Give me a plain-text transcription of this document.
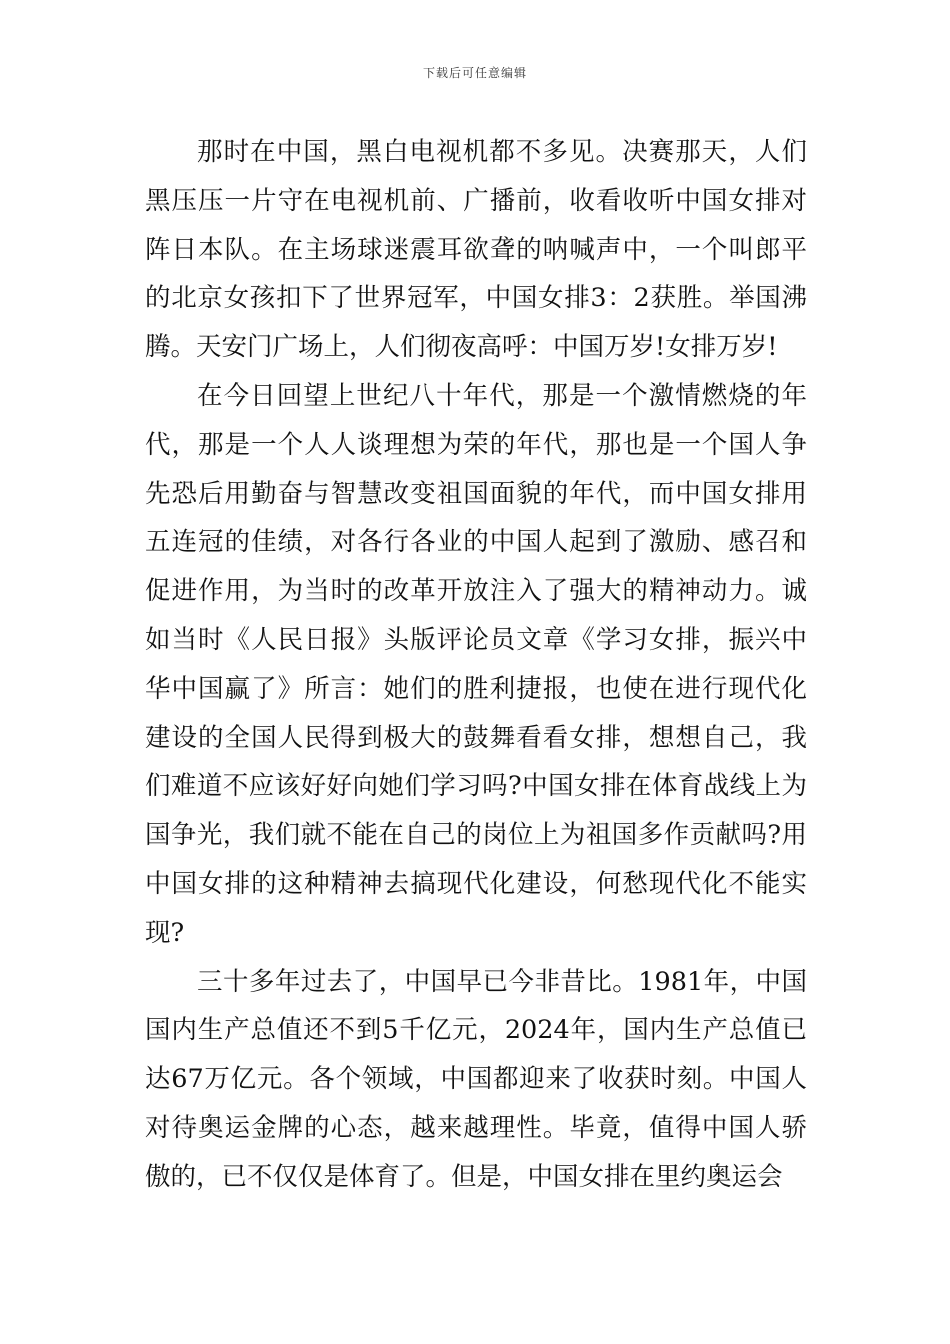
下载后可任意编辑

那时在中国，黑白电视机都不多见。决赛那天，人们黑压压一片守在电视机前、广播前，收看收听中国女排对阵日本队。在主场球迷震耳欲聋的呐喊声中，一个叫郎平的北京女孩扣下了世界冠军，中国女排3：2获胜。举国沸腾。天安门广场上，人们彻夜高呼：中国万岁!女排万岁!

在今日回望上世纪八十年代，那是一个激情燃烧的年代，那是一个人人谈理想为荣的年代，那也是一个国人争先恐后用勤奋与智慧改变祖国面貌的年代，而中国女排用五连冠的佳绩，对各行各业的中国人起到了激励、感召和促进作用，为当时的改革开放注入了强大的精神动力。诚如当时《人民日报》头版评论员文章《学习女排，振兴中华中国赢了》所言：她们的胜利捷报，也使在进行现代化建设的全国人民得到极大的鼓舞看看女排，想想自己，我们难道不应该好好向她们学习吗?中国女排在体育战线上为国争光，我们就不能在自己的岗位上为祖国多作贡献吗?用中国女排的这种精神去搞现代化建设，何愁现代化不能实现?

三十多年过去了，中国早已今非昔比。1981年，中国国内生产总值还不到5千亿元，2024年，国内生产总值已达67万亿元。各个领域，中国都迎来了收获时刻。中国人对待奥运金牌的心态，越来越理性。毕竟，值得中国人骄傲的，已不仅仅是体育了。但是，中国女排在里约奥运会
